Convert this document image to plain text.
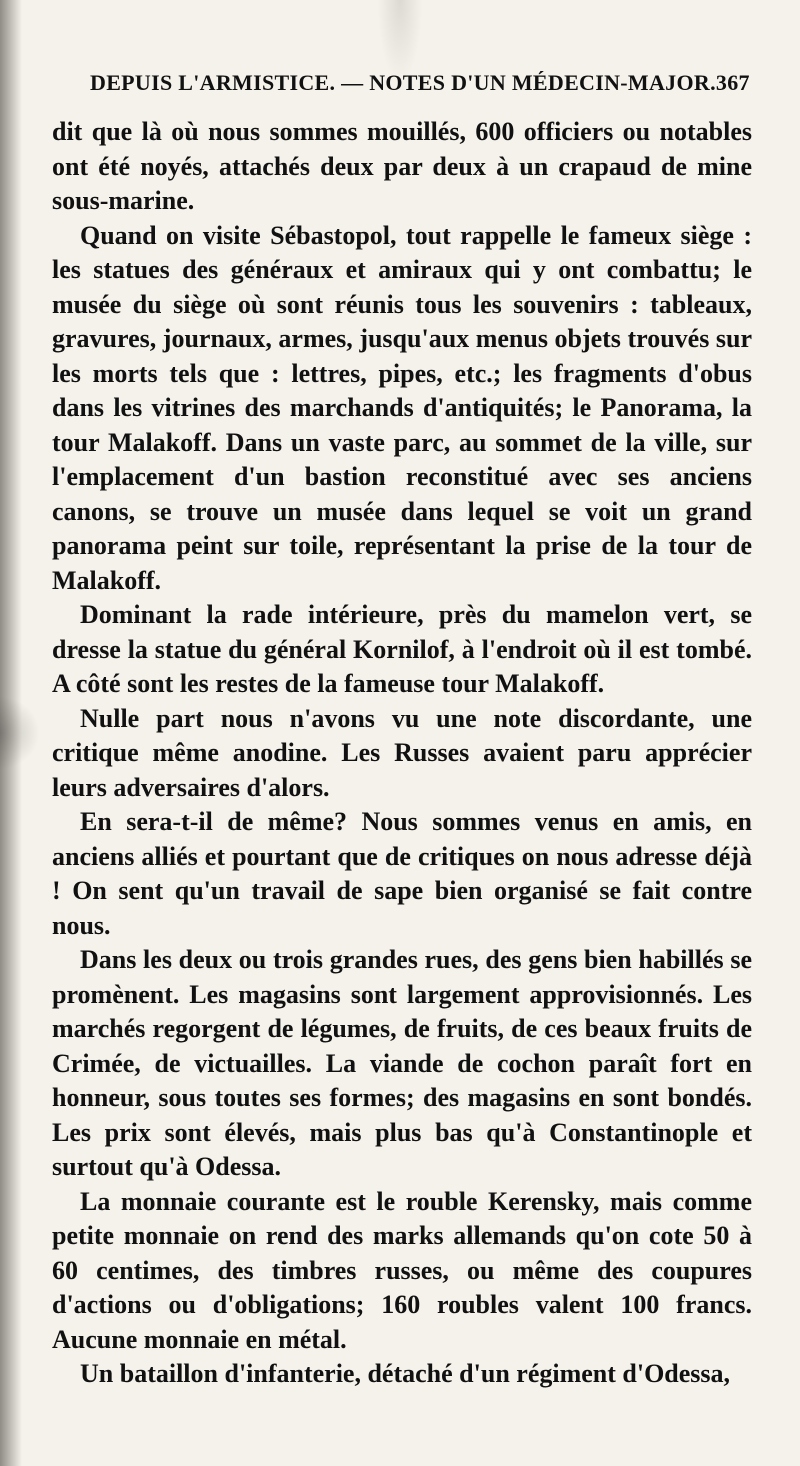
DEPUIS L'ARMISTICE. — NOTES D'UN MÉDECIN-MAJOR. 367

dit que là où nous sommes mouillés, 600 officiers ou notables ont été noyés, attachés deux par deux à un crapaud de mine sous-marine.

Quand on visite Sébastopol, tout rappelle le fameux siège : les statues des généraux et amiraux qui y ont combattu; le musée du siège où sont réunis tous les souvenirs : tableaux, gravures, journaux, armes, jusqu'aux menus objets trouvés sur les morts tels que : lettres, pipes, etc.; les fragments d'obus dans les vitrines des marchands d'antiquités; le Panorama, la tour Malakoff. Dans un vaste parc, au sommet de la ville, sur l'emplacement d'un bastion reconstitué avec ses anciens canons, se trouve un musée dans lequel se voit un grand panorama peint sur toile, représentant la prise de la tour de Malakoff.

Dominant la rade intérieure, près du mamelon vert, se dresse la statue du général Kornilof, à l'endroit où il est tombé. A côté sont les restes de la fameuse tour Malakoff.

Nulle part nous n'avons vu une note discordante, une critique même anodine. Les Russes avaient paru apprécier leurs adversaires d'alors.

En sera-t-il de même? Nous sommes venus en amis, en anciens alliés et pourtant que de critiques on nous adresse déjà ! On sent qu'un travail de sape bien organisé se fait contre nous.

Dans les deux ou trois grandes rues, des gens bien habillés se promènent. Les magasins sont largement approvisionnés. Les marchés regorgent de légumes, de fruits, de ces beaux fruits de Crimée, de victuailles. La viande de cochon paraît fort en honneur, sous toutes ses formes; des magasins en sont bondés. Les prix sont élevés, mais plus bas qu'à Constantinople et surtout qu'à Odessa.

La monnaie courante est le rouble Kerensky, mais comme petite monnaie on rend des marks allemands qu'on cote 50 à 60 centimes, des timbres russes, ou même des coupures d'actions ou d'obligations; 160 roubles valent 100 francs. Aucune monnaie en métal.

Un bataillon d'infanterie, détaché d'un régiment d'Odessa,
